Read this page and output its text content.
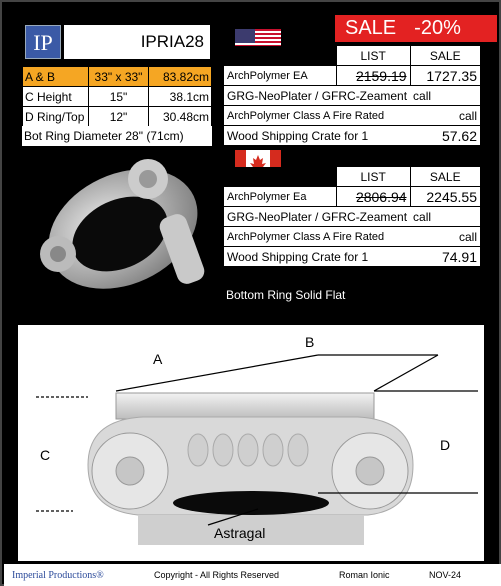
IP	IPRIA28
A & B	33" x 33"	83.82cm
C Height	15"	38.1cm
D Ring/Top	12"	30.48cm
Bot Ring Diameter 28" (71cm)
SALE -20%
	LIST	SALE
ArchPolymer EA	2159.19	1727.35
GRG-NeoPlater / GFRC-Zeament		call
ArchPolymer Class A Fire Rated		call
Wood Shipping Crate for 1		57.62
	LIST	SALE
ArchPolymer Ea	2806.94	2245.55
GRG-NeoPlater / GFRC-Zeament		call
ArchPolymer Class A Fire Rated		call
Wood Shipping Crate for 1		74.91
Bottom Ring Solid Flat
A
B
C
D
Astragal
Imperial Productions®	Copyright - All Rights Reserved	Roman Ionic	NOV-24
